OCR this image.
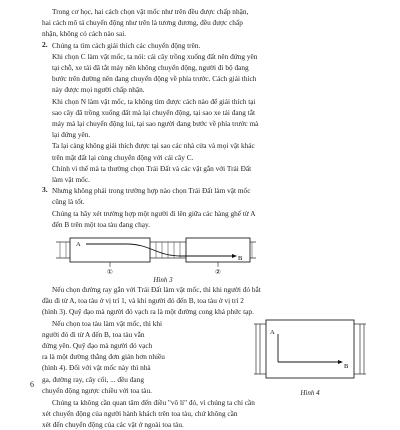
Trong cơ học, hai cách chọn vật mốc như trên đều được chấp nhận,

hai cách mô tả chuyển động như trên là tương đương, đều được chấp

nhận, không có cách nào sai.

2. Chúng ta tìm cách giải thích các chuyển động trên.

Khi chọn C làm vật mốc, ta nói: cái cây trồng xuống đất nên đứng yên

tại chỗ, xe tải đã tắt máy nên không chuyển động, người đi bộ đang

bước trên đường nên đang chuyển động về phía trước. Cách giải thích

này được mọi người chấp nhận.

Khi chọn N làm vật mốc, ta không tìm được cách nào để giải thích tại

sao cây đã trồng xuống đất mà lại chuyển động, tại sao xe tải đang tắt

máy mà lại chuyển động lui, tại sao người đang bước về phía trước mà

lại đứng yên.

Ta lại càng không giải thích được tại sao các nhà cửa và mọi vật khác

trên mặt đất lại cùng chuyển động với cái cây C.

Chính vì thế mà ta thường chọn Trái Đất và các vật gắn với Trái Đất

làm vật mốc.

3. Nhưng không phải trong trường hợp nào chọn Trái Đất làm vật mốc

cũng là tốt.

Chúng ta hãy xét trường hợp một người đi lên giữa các hàng ghế từ A

đến B trên một toa tàu đang chạy.

A
B
①	②

Hình 3

Nếu chọn đường ray gắn với Trái Đất làm vật mốc, thì khi người đó bắt

đầu đi từ A, toa tàu ở vị trí 1, và khi người đó đến B, toa tàu ở vị trí 2

(hình 3). Quỹ đạo mà người đó vạch ra là một đường cong khá phức tạp.

Nếu chọn toa tàu làm vật mốc, thì khi

người đó đi từ A đến B, toa tàu vẫn

đứng yên. Quỹ đạo mà người đó vạch

ra là một đường thẳng đơn giản hơn nhiều

(hình 4). Đối với vật mốc này thì nhà

ga, đường ray, cây cối, ... đều đang

chuyển động ngược chiều với toa tàu.

A
B

Hình 4

Chúng ta không cần quan tâm đến điều "vô lí" đó, vì chúng ta chỉ cần

xét chuyển động của người hành khách trên toa tàu, chứ không cần

xét đến chuyển động của các vật ở ngoài toa tàu.

6
